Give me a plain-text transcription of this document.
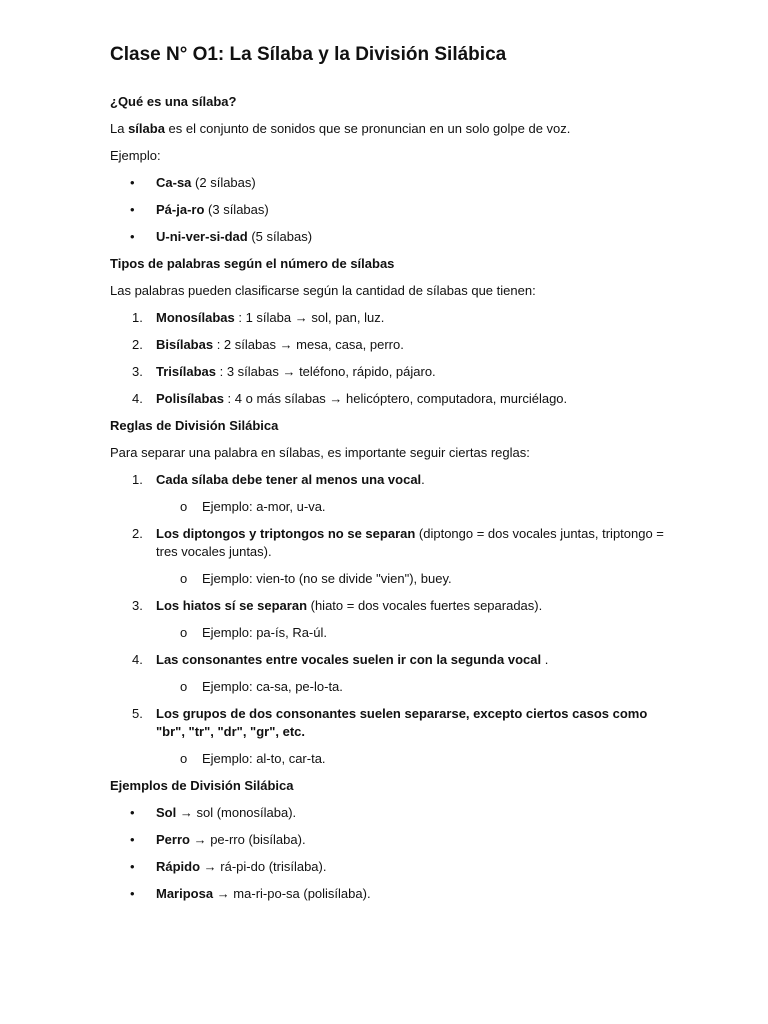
Clase N° O1: La Sílaba y la División Silábica
¿Qué es una sílaba?
La sílaba es el conjunto de sonidos que se pronuncian en un solo golpe de voz.
Ejemplo:
• Ca-sa (2 sílabas)
• Pá-ja-ro (3 sílabas)
• U-ni-ver-si-dad (5 sílabas)
Tipos de palabras según el número de sílabas
Las palabras pueden clasificarse según la cantidad de sílabas que tienen:
1. Monosílabas : 1 sílaba → sol, pan, luz.
2. Bisílabas : 2 sílabas → mesa, casa, perro.
3. Trisílabas : 3 sílabas → teléfono, rápido, pájaro.
4. Polisílabas : 4 o más sílabas → helicóptero, computadora, murciélago.
Reglas de División Silábica
Para separar una palabra en sílabas, es importante seguir ciertas reglas:
1. Cada sílaba debe tener al menos una vocal.
o Ejemplo: a-mor, u-va.
2. Los diptongos y triptongos no se separan (diptongo = dos vocales juntas, triptongo = tres vocales juntas).
o Ejemplo: vien-to (no se divide "vien"), buey.
3. Los hiatos sí se separan (hiato = dos vocales fuertes separadas).
o Ejemplo: pa-ís, Ra-úl.
4. Las consonantes entre vocales suelen ir con la segunda vocal .
o Ejemplo: ca-sa, pe-lo-ta.
5. Los grupos de dos consonantes suelen separarse, excepto ciertos casos como "br", "tr", "dr", "gr", etc.
o Ejemplo: al-to, car-ta.
Ejemplos de División Silábica
• Sol → sol (monosílaba).
• Perro → pe-rro (bisílaba).
• Rápido → rá-pi-do (trisílaba).
• Mariposa → ma-ri-po-sa (polisílaba).
